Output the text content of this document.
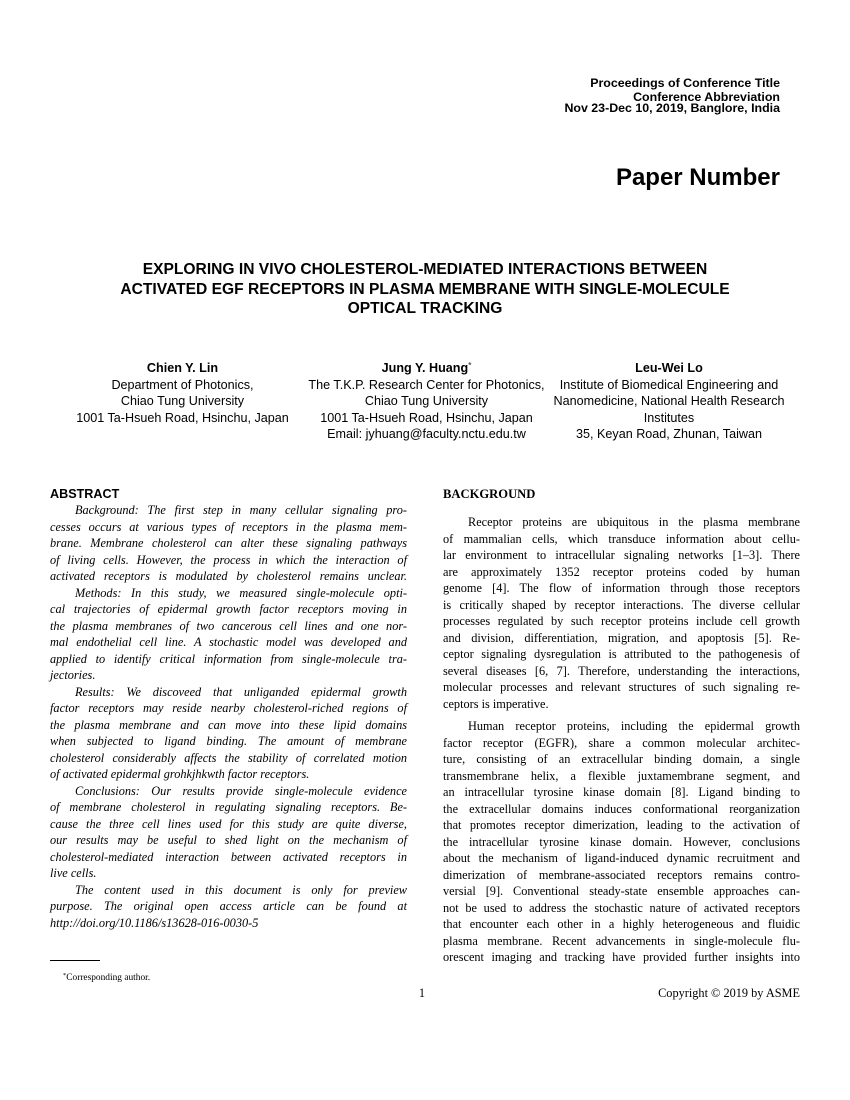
Proceedings of Conference Title
Conference Abbreviation
Nov 23-Dec 10, 2019, Banglore, India
Paper Number
EXPLORING IN VIVO CHOLESTEROL-MEDIATED INTERACTIONS BETWEEN
ACTIVATED EGF RECEPTORS IN PLASMA MEMBRANE WITH SINGLE-MOLECULE
OPTICAL TRACKING
Chien Y. Lin
Department of Photonics,
Chiao Tung University
1001 Ta-Hsueh Road, Hsinchu, Japan
Jung Y. Huang*
The T.K.P. Research Center for Photonics,
Chiao Tung University
1001 Ta-Hsueh Road, Hsinchu, Japan
Email: jyhuang@faculty.nctu.edu.tw
Leu-Wei Lo
Institute of Biomedical Engineering and
Nanomedicine, National Health Research
Institutes
35, Keyan Road, Zhunan, Taiwan
ABSTRACT
Background: The first step in many cellular signaling pro-
cesses occurs at various types of receptors in the plasma mem-
brane. Membrane cholesterol can alter these signaling pathways
of living cells. However, the process in which the interaction of
activated receptors is modulated by cholesterol remains unclear.
Methods: In this study, we measured single-molecule opti-
cal trajectories of epidermal growth factor receptors moving in
the plasma membranes of two cancerous cell lines and one nor-
mal endothelial cell line. A stochastic model was developed and
applied to identify critical information from single-molecule tra-
jectories.
Results: We discoveed that unliganded epidermal growth
factor receptors may reside nearby cholesterol-riched regions of
the plasma membrane and can move into these lipid domains
when subjected to ligand binding. The amount of membrane
cholesterol considerably affects the stability of correlated motion
of activated epidermal grohkjhkwth factor receptors.
Conclusions: Our results provide single-molecule evidence
of membrane cholesterol in regulating signaling receptors. Be-
cause the three cell lines used for this study are quite diverse,
our results may be useful to shed light on the mechanism of
cholesterol-mediated interaction between activated receptors in
live cells.
The content used in this document is only for preview
purpose. The original open access article can be found at
http://doi.org/10.1186/s13628-016-0030-5
BACKGROUND
Receptor proteins are ubiquitous in the plasma membrane
of mammalian cells, which transduce information about cellu-
lar environment to intracellular signaling networks [1–3]. There
are approximately 1352 receptor proteins coded by human
genome [4]. The flow of information through those receptors
is critically shaped by receptor interactions. The diverse cellular
processes regulated by such receptor proteins include cell growth
and division, differentiation, migration, and apoptosis [5]. Re-
ceptor signaling dysregulation is attributed to the pathogenesis of
several diseases [6, 7]. Therefore, understanding the interactions,
molecular processes and relevant structures of such signaling re-
ceptors is imperative.
Human receptor proteins, including the epidermal growth
factor receptor (EGFR), share a common molecular architec-
ture, consisting of an extracellular binding domain, a single
transmembrane helix, a flexible juxtamembrane segment, and
an intracellular tyrosine kinase domain [8]. Ligand binding to
the extracellular domains induces conformational reorganization
that promotes receptor dimerization, leading to the activation of
the intracellular tyrosine kinase domain. However, conclusions
about the mechanism of ligand-induced dynamic recruitment and
dimerization of membrane-associated receptors remains contro-
versial [9]. Conventional steady-state ensemble approaches can-
not be used to address the stochastic nature of activated receptors
that encounter each other in a highly heterogeneous and fluidic
plasma membrane. Recent advancements in single-molecule flu-
orescent imaging and tracking have provided further insights into
*Corresponding author.
1	Copyright © 2019 by ASME
